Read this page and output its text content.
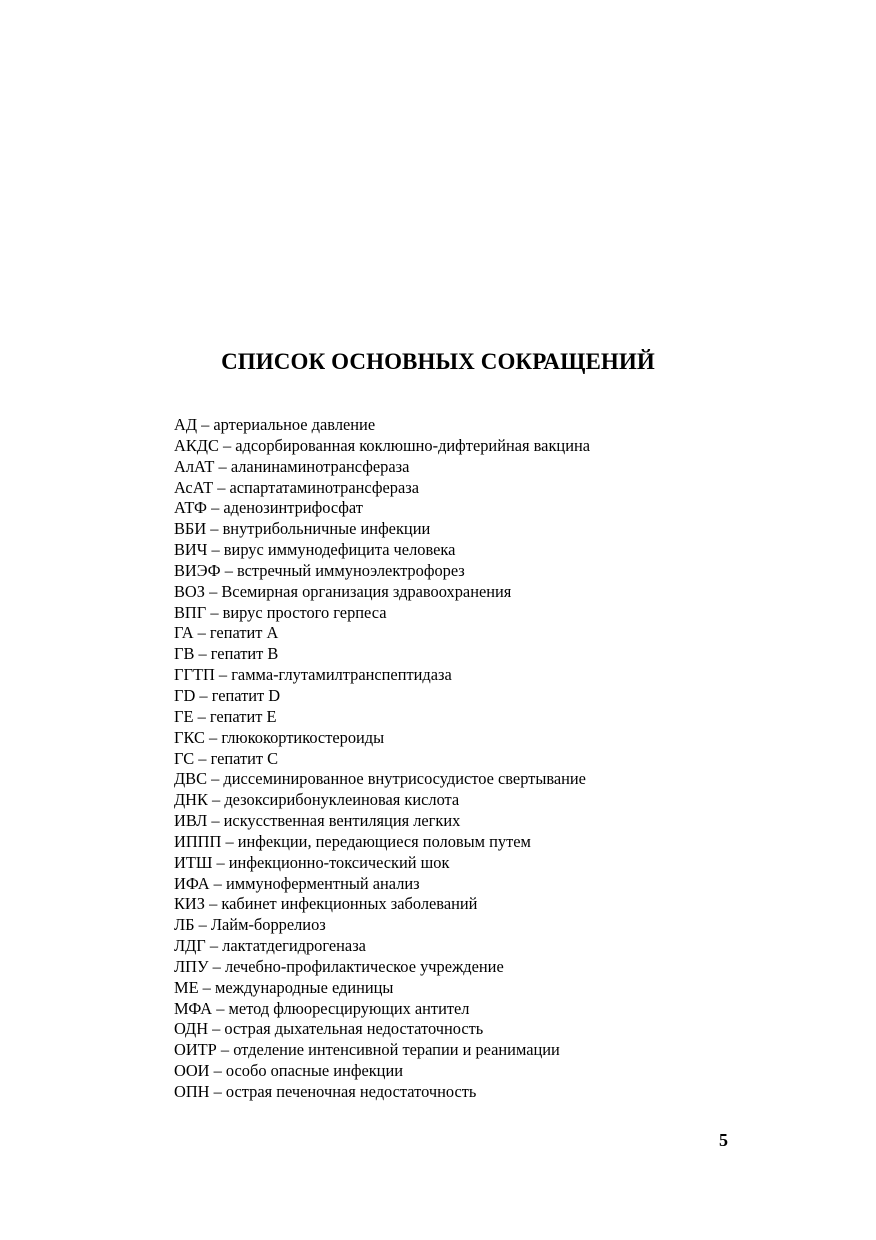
СПИСОК ОСНОВНЫХ СОКРАЩЕНИЙ
АД – артериальное давление
АКДС – адсорбированная коклюшно-дифтерийная вакцина
АлАТ – аланинаминотрансфераза
АсАТ – аспартатаминотрансфераза
АТФ – аденозинтрифосфат
ВБИ – внутрибольничные инфекции
ВИЧ – вирус иммунодефицита человека
ВИЭФ – встречный иммуноэлектрофорез
ВОЗ – Всемирная организация здравоохранения
ВПГ – вирус простого герпеса
ГА – гепатит А
ГВ – гепатит В
ГГТП – гамма-глутамилтранспептидаза
ГD – гепатит D
ГЕ – гепатит Е
ГКС – глюкокортикостероиды
ГС – гепатит С
ДВС – диссеминированное внутрисосудистое свертывание
ДНК – дезоксирибонуклеиновая кислота
ИВЛ – искусственная вентиляция легких
ИППП – инфекции, передающиеся половым путем
ИТШ – инфекционно-токсический шок
ИФА – иммуноферментный анализ
КИЗ – кабинет инфекционных заболеваний
ЛБ – Лайм-боррелиоз
ЛДГ – лактатдегидрогеназа
ЛПУ – лечебно-профилактическое учреждение
МЕ – международные единицы
МФА – метод флюоресцирующих антител
ОДН – острая дыхательная недостаточность
ОИТР – отделение интенсивной терапии и реанимации
ООИ – особо опасные инфекции
ОПН – острая печеночная недостаточность
5
